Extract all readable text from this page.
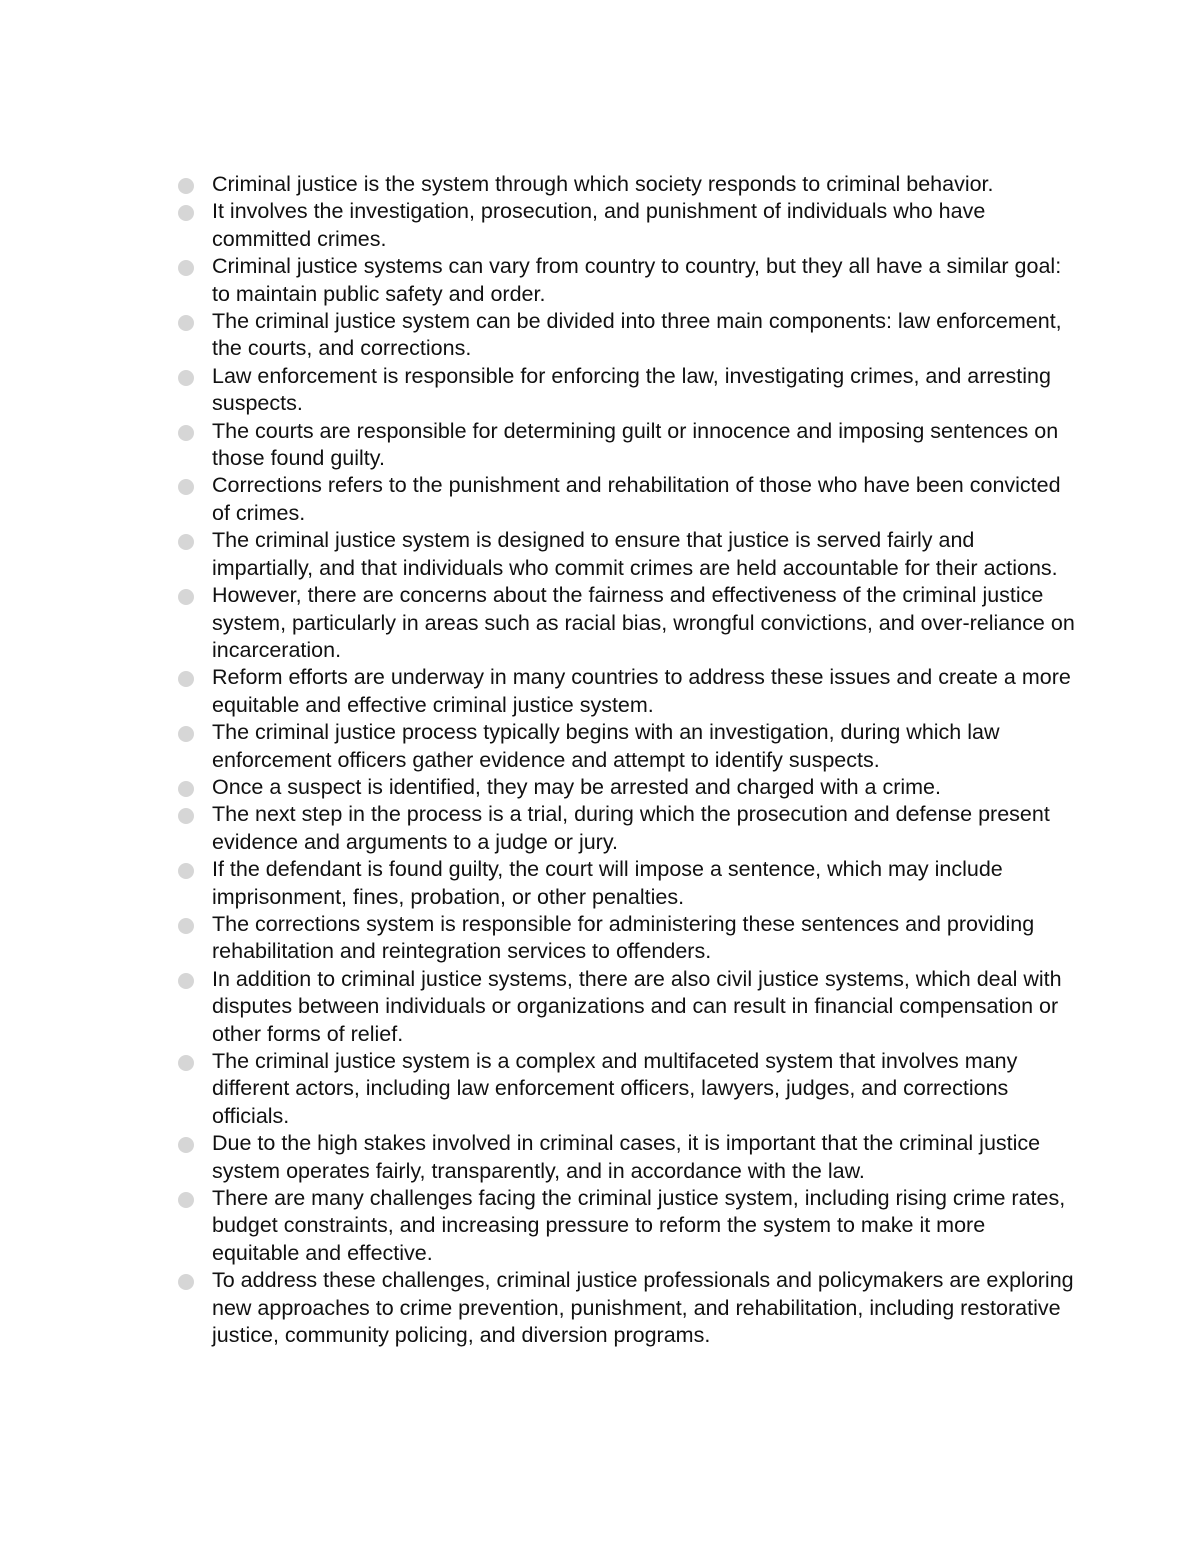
Criminal justice is the system through which society responds to criminal behavior.
It involves the investigation, prosecution, and punishment of individuals who have committed crimes.
Criminal justice systems can vary from country to country, but they all have a similar goal: to maintain public safety and order.
The criminal justice system can be divided into three main components: law enforcement, the courts, and corrections.
Law enforcement is responsible for enforcing the law, investigating crimes, and arresting suspects.
The courts are responsible for determining guilt or innocence and imposing sentences on those found guilty.
Corrections refers to the punishment and rehabilitation of those who have been convicted of crimes.
The criminal justice system is designed to ensure that justice is served fairly and impartially, and that individuals who commit crimes are held accountable for their actions.
However, there are concerns about the fairness and effectiveness of the criminal justice system, particularly in areas such as racial bias, wrongful convictions, and over-reliance on incarceration.
Reform efforts are underway in many countries to address these issues and create a more equitable and effective criminal justice system.
The criminal justice process typically begins with an investigation, during which law enforcement officers gather evidence and attempt to identify suspects.
Once a suspect is identified, they may be arrested and charged with a crime.
The next step in the process is a trial, during which the prosecution and defense present evidence and arguments to a judge or jury.
If the defendant is found guilty, the court will impose a sentence, which may include imprisonment, fines, probation, or other penalties.
The corrections system is responsible for administering these sentences and providing rehabilitation and reintegration services to offenders.
In addition to criminal justice systems, there are also civil justice systems, which deal with disputes between individuals or organizations and can result in financial compensation or other forms of relief.
The criminal justice system is a complex and multifaceted system that involves many different actors, including law enforcement officers, lawyers, judges, and corrections officials.
Due to the high stakes involved in criminal cases, it is important that the criminal justice system operates fairly, transparently, and in accordance with the law.
There are many challenges facing the criminal justice system, including rising crime rates, budget constraints, and increasing pressure to reform the system to make it more equitable and effective.
To address these challenges, criminal justice professionals and policymakers are exploring new approaches to crime prevention, punishment, and rehabilitation, including restorative justice, community policing, and diversion programs.
